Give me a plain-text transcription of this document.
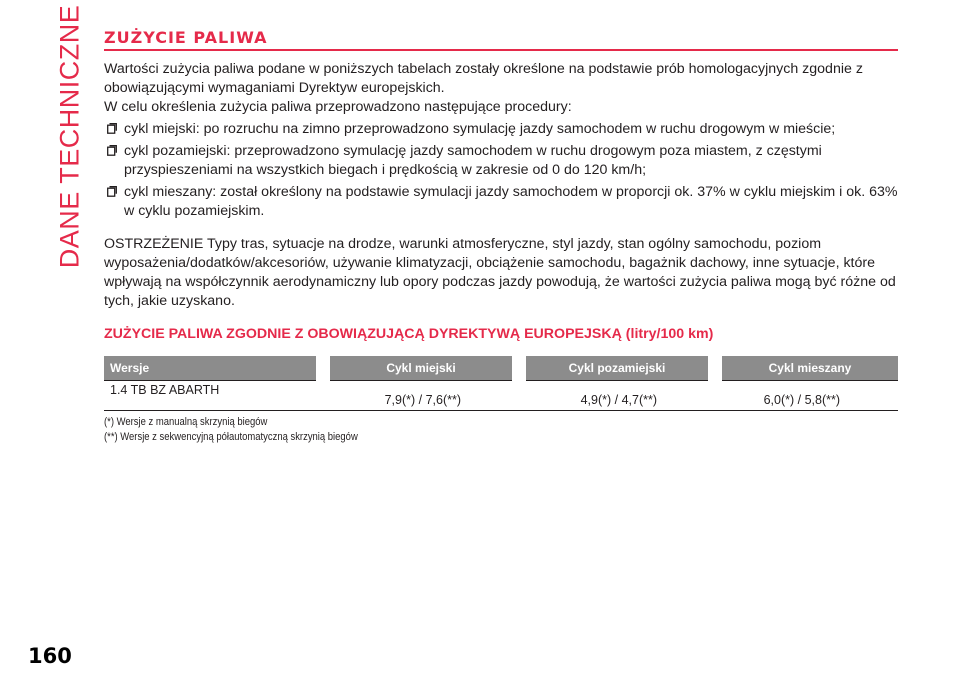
DANE TECHNICZNE ZUŻYCIE PALIWA

Wartości zużycia paliwa podane w poniższych tabelach zostały określone na podstawie prób homologacyjnych zgodnie z obowiązującymi wymaganiami Dyrektyw europejskich.

W celu określenia zużycia paliwa przeprowadzono następujące procedury:

cykl miejski: po rozruchu na zimno przeprowadzono symulację jazdy samochodem w ruchu drogowym w mieście;

cykl pozamiejski: przeprowadzono symulację jazdy samochodem w ruchu drogowym poza miastem, z częstymi przyspieszeniami na wszystkich biegach i prędkością w zakresie od 0 do 120 km/h;

cykl mieszany: został określony na podstawie symulacji jazdy samochodem w proporcji ok. 37% w cyklu miejskim i ok. 63% w cyklu pozamiejskim.

OSTRZEŻENIE Typy tras, sytuacje na drodze, warunki atmosferyczne, styl jazdy, stan ogólny samochodu, poziom wyposażenia/dodatków/akcesoriów, używanie klimatyzacji, obciążenie samochodu, bagażnik dachowy, inne sytuacje, które wpływają na współczynnik aerodynamiczny lub opory podczas jazdy powodują, że wartości zużycia paliwa mogą być różne od tych, jakie uzyskano.

ZUŻYCIE PALIWA ZGODNIE Z OBOWIĄZUJĄCĄ DYREKTYWĄ EUROPEJSKĄ (litry/100 km)
Wersje	Cykl miejski	Cykl pozamiejski	Cykl mieszany
1.4 TB BZ ABARTH	7,9(*) / 7,6(**)	4,9(*) / 4,7(**)	6,0(*) / 5,8(**)
(*) Wersje z manualną skrzynią biegów
(**) Wersje z sekwencyjną półautomatyczną skrzynią biegów
160
